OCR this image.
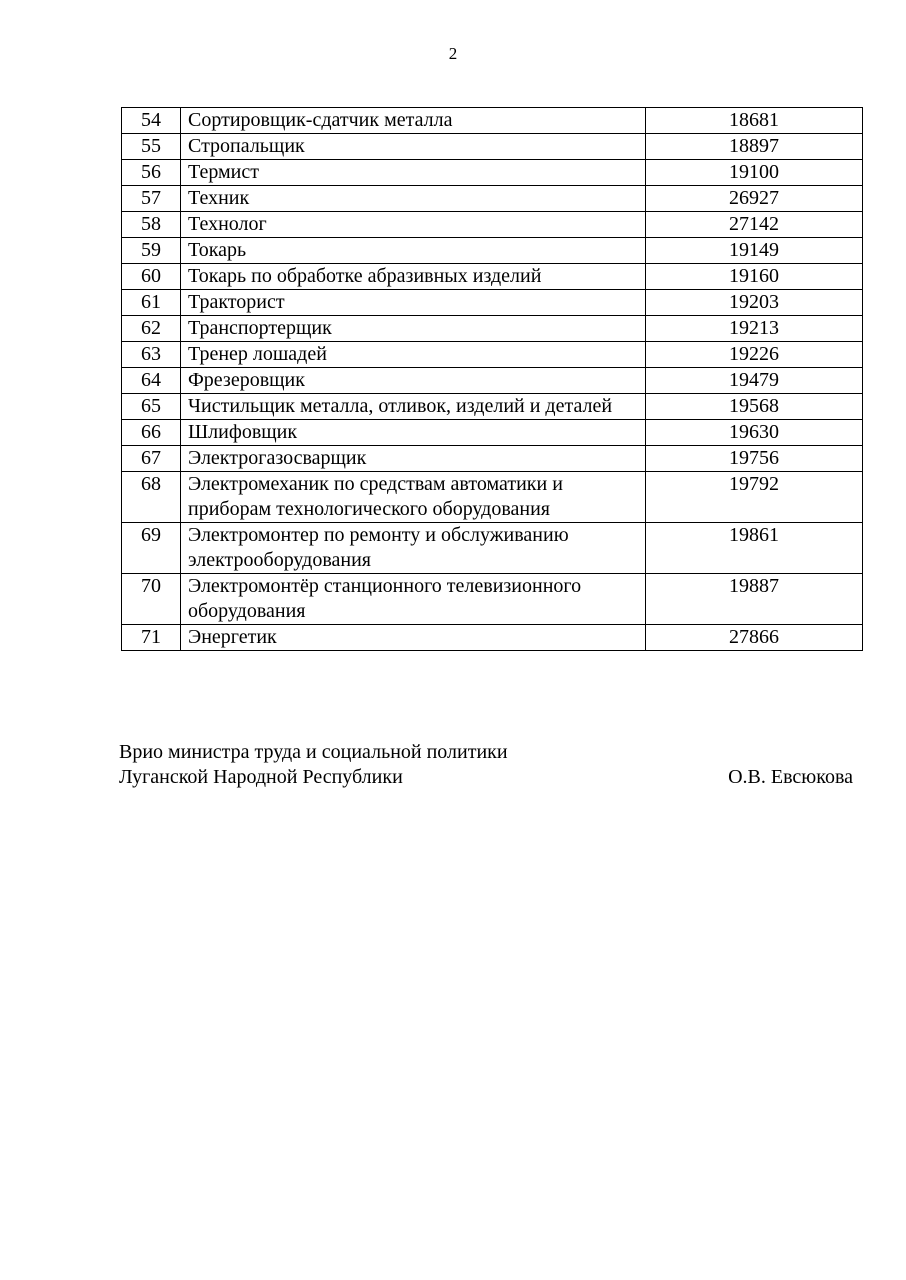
2
54	Сортировщик-сдатчик металла	18681
55	Стропальщик	18897
56	Термист	19100
57	Техник	26927
58	Технолог	27142
59	Токарь	19149
60	Токарь по обработке абразивных изделий	19160
61	Тракторист	19203
62	Транспортерщик	19213
63	Тренер лошадей	19226
64	Фрезеровщик	19479
65	Чистильщик металла, отливок, изделий и деталей	19568
66	Шлифовщик	19630
67	Электрогазосварщик	19756
68	Электромеханик по средствам автоматики и приборам технологического оборудования	19792
69	Электромонтер по ремонту и обслуживанию электрооборудования	19861
70	Электромонтёр станционного телевизионного оборудования	19887
71	Энергетик	27866
Врио министра труда и социальной политики
Луганской Народной Республики	О.В. Евсюкова
